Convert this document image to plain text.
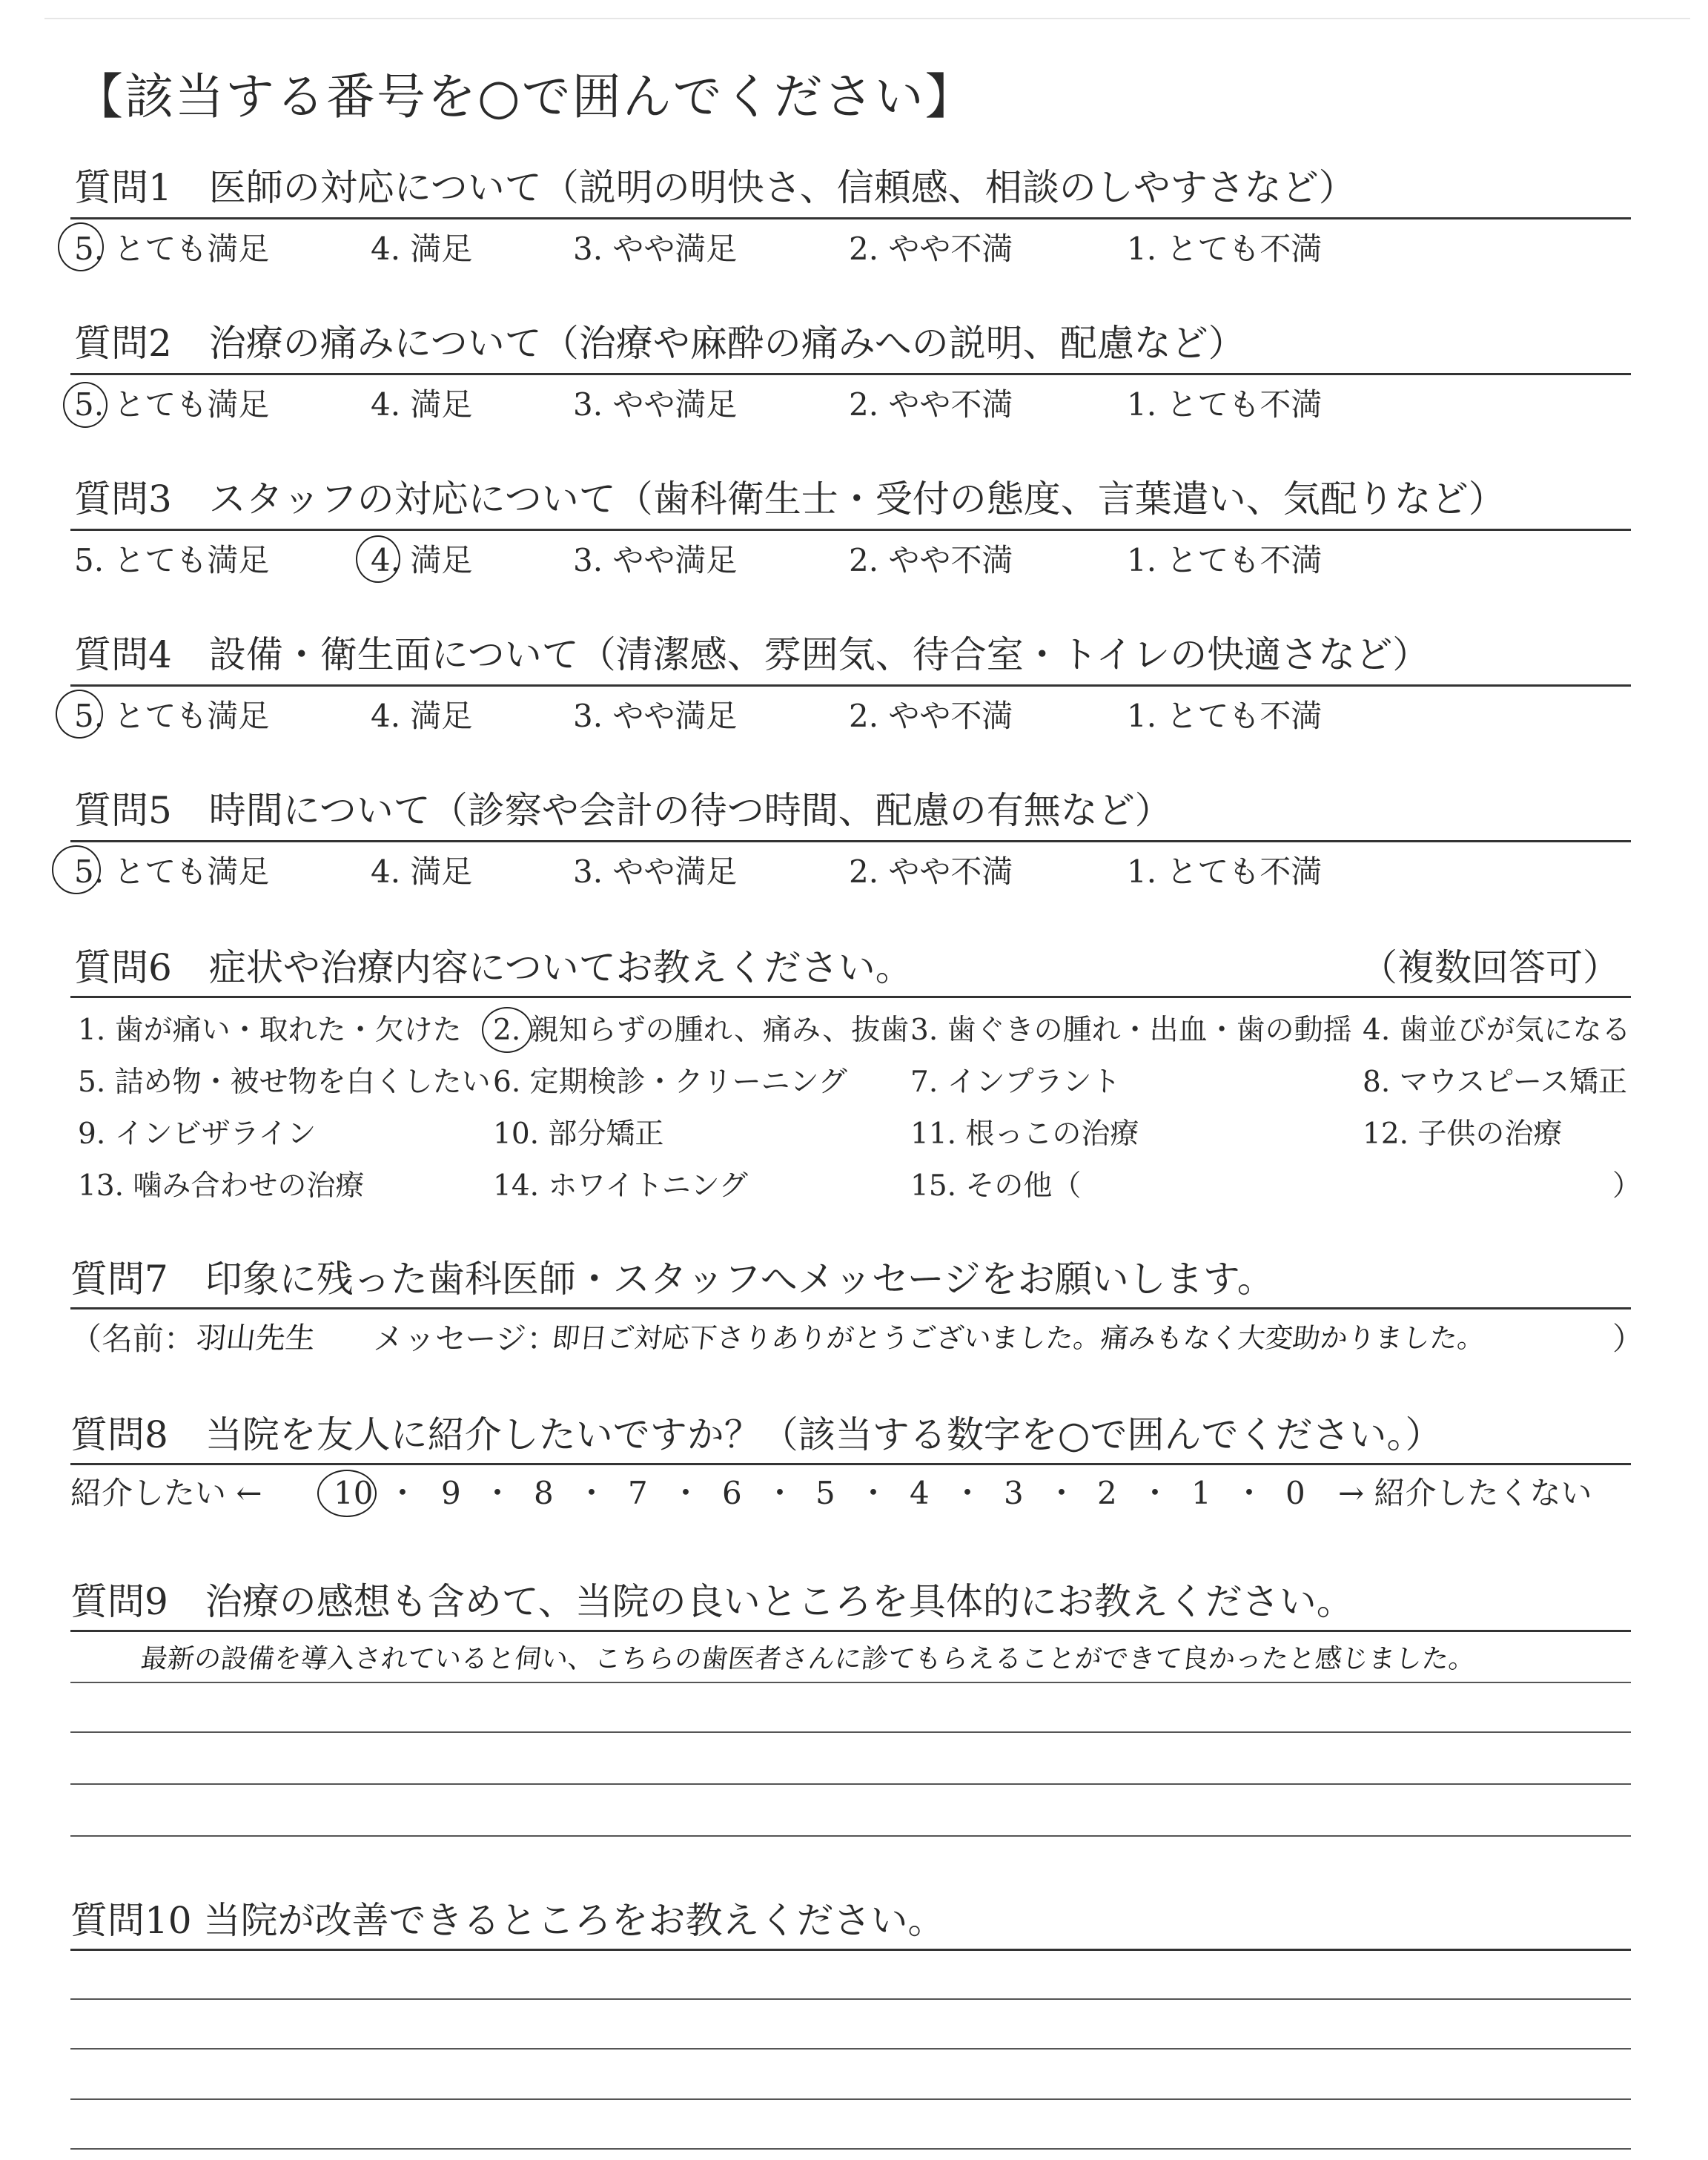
【該当する番号を○で囲んでください】
質問1　医師の対応について（説明の明快さ、信頼感、相談のしやすさなど）
5. とても満足	4. 満足	3. やや満足	2. やや不満	1. とても不満
質問2　治療の痛みについて（治療や麻酔の痛みへの説明、配慮など）
5. とても満足	4. 満足	3. やや満足	2. やや不満	1. とても不満
質問3　スタッフの対応について（歯科衛生士・受付の態度、言葉遣い、気配りなど）
5. とても満足	4. 満足	3. やや満足	2. やや不満	1. とても不満
質問4　設備・衛生面について（清潔感、雰囲気、待合室・トイレの快適さなど）
5. とても満足	4. 満足	3. やや満足	2. やや不満	1. とても不満
質問5　時間について（診察や会計の待つ時間、配慮の有無など）
5. とても満足	4. 満足	3. やや満足	2. やや不満	1. とても不満
質問6　症状や治療内容についてお教えください。	（複数回答可）
1. 歯が痛い・取れた・欠けた 2. 親知らずの腫れ、痛み、抜歯 3. 歯ぐきの腫れ・出血・歯の動揺 4. 歯並びが気になる
5. 詰め物・被せ物を白くしたい 6. 定期検診・クリーニング 7. インプラント	8. マウスピース矯正
9. インビザライン	10. 部分矯正	11. 根っこの治療	12. 子供の治療
13. 噛み合わせの治療	14. ホワイトニング	15. その他（	）
質問7　印象に残った歯科医師・スタッフへメッセージをお願いします。
（名前： 羽山先生 メッセージ：
即日ご対応下さりありがとうございました。痛みもなく大変助かりました。	）
質問8　当院を友人に紹介したいですか？（該当する数字を○で囲んでください。）
紹介したい ← 10 ・ 9 ・ 8 ・ 7 ・ 6 ・ 5 ・ 4 ・ 3 ・ 2 ・ 1 ・ 0 → 紹介したくない
質問9　治療の感想も含めて、当院の良いところを具体的にお教えください。
最新の設備を導入されていると伺い、こちらの歯医者さんに診てもらえることができて良かったと感じました。
質問10 当院が改善できるところをお教えください。
